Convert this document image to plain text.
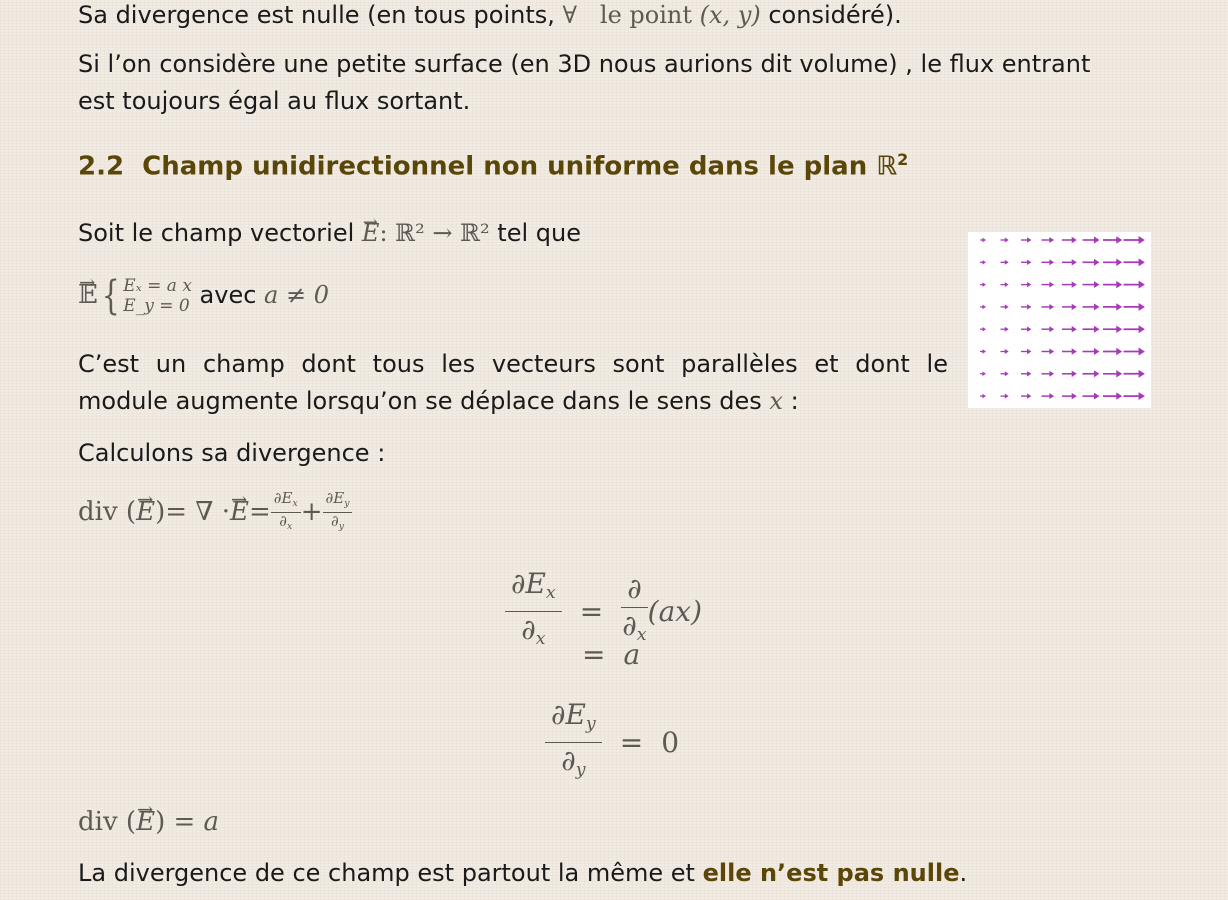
Sa divergence est nulle (en tous points, ∀ le point (x, y) considéré).

Si l’on considère une petite surface (en 3D nous aurions dit volume) , le flux entrant
est toujours égal au flux sortant.

2.2 Champ unidirectionnel non uniforme dans le plan ℝ$^2$

Soit le champ vectoriel → E: ℝ² → ℝ² tel que

→ 𝔼{ Eₓ = a x
E_y = 0 avec a ≠ 0

C’est un champ dont tous les vecteurs sont parallèles et dont le

module augmente lorsqu’on se déplace dans le sens des x :

Calculons sa divergence :

div ( → E ) = ∇ · → $E = \frac{\partial E_x}{\partial_x} + \frac{\partial E_y}{\partial_y}$
$\frac{\partial E_x}{\partial_x} = \frac{\partial}{\partial_x} (ax)$
= a
$\frac{\partial E_y}{\partial_y} = 0$
div (→ E) = a

La divergence de ce champ est partout la même et elle n’est pas nulle.
